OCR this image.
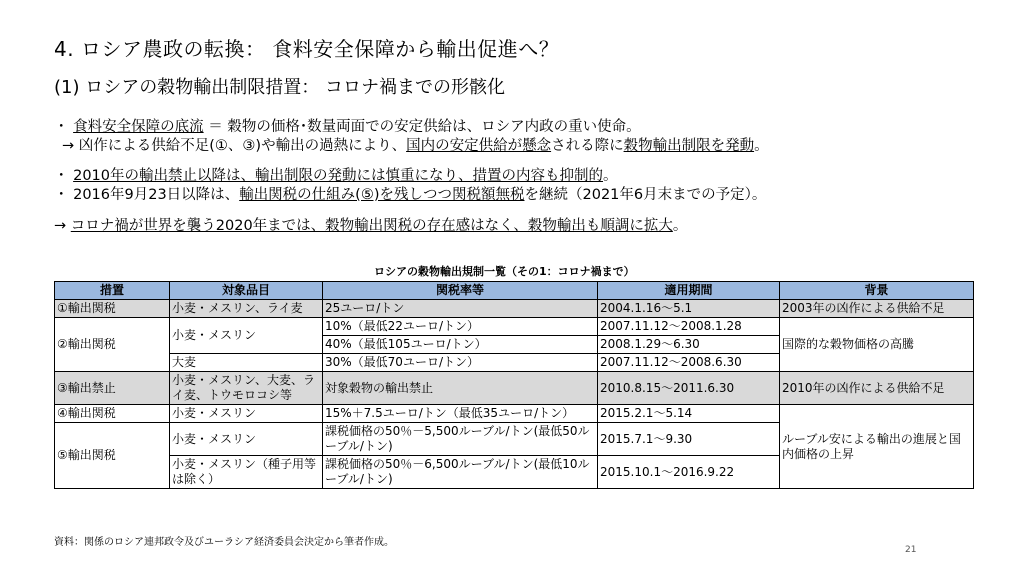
4. ロシア農政の転換： 食料安全保障から輸出促進へ？
(1) ロシアの穀物輸出制限措置： コロナ禍までの形骸化
・ 食料安全保障の底流 ＝ 穀物の価格･数量両面での安定供給は、ロシア内政の重い使命。
→ 凶作による供給不足(①、③)や輸出の過熱により、国内の安定供給が懸念される際に穀物輸出制限を発動。
・ 2010年の輸出禁止以降は、輸出制限の発動には慎重になり、措置の内容も抑制的。
・ 2016年9月23日以降は、輸出関税の仕組み(⑤)を残しつつ関税額無税を継続（2021年6月末までの予定）。
→ コロナ禍が世界を襲う2020年までは、穀物輸出関税の存在感はなく、穀物輸出も順調に拡大。
ロシアの穀物輸出規制一覧（その1：コロナ禍まで）
措置	対象品目	関税率等	適用期間	背景
①輸出関税	小麦・メスリン、ライ麦	25ユーロ/トン	2004.1.16～5.1	2003年の凶作による供給不足
②輸出関税	小麦・メスリン	10%（最低22ユーロ/トン）	2007.11.12～2008.1.28	国際的な穀物価格の高騰
		40%（最低105ユーロ/トン）	2008.1.29～6.30	
	大麦	30%（最低70ユーロ/トン）	2007.11.12～2008.6.30	
③輸出禁止	小麦・メスリン、大麦、ライ麦、トウモロコシ等	対象穀物の輸出禁止	2010.8.15～2011.6.30	2010年の凶作による供給不足
④輸出関税	小麦・メスリン	15%＋7.5ユーロ/トン（最低35ユーロ/トン）	2015.2.1～5.14	ルーブル安による輸出の進展と国内価格の上昇
⑤輸出関税	小麦・メスリン	課税価格の50％－5,500ルーブル/トン(最低50ルーブル/トン)	2015.7.1～9.30	
	小麦・メスリン（種子用等は除く）	課税価格の50％－6,500ルーブル/トン(最低10ルーブル/トン)	2015.10.1～2016.9.22	
資料：関係のロシア連邦政令及びユーラシア経済委員会決定から筆者作成。
21
